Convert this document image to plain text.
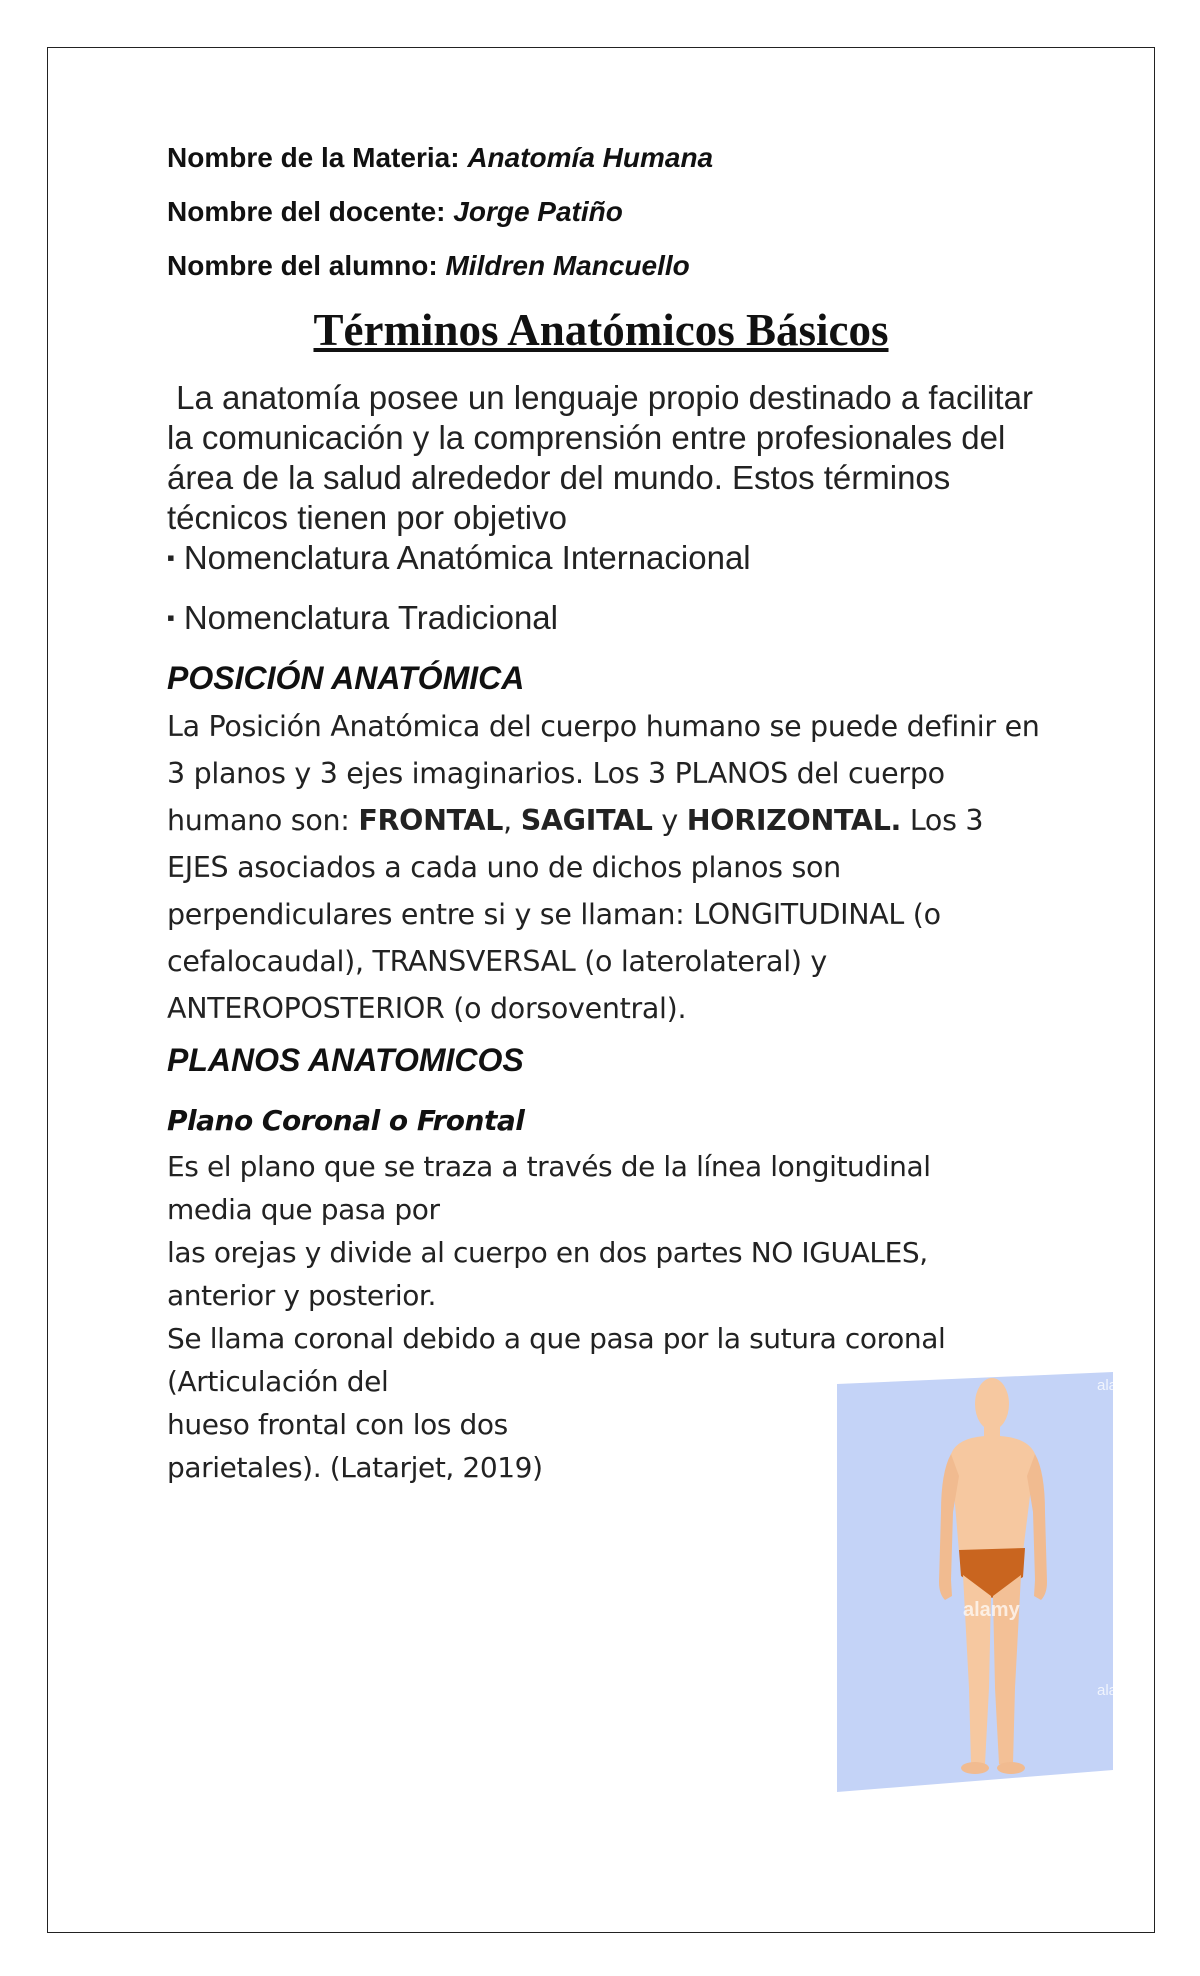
Nombre de la Materia: Anatomía Humana

Nombre del docente: Jorge Patiño

Nombre del alumno: Mildren Mancuello

Términos Anatómicos Básicos

La anatomía posee un lenguaje propio destinado a facilitar la comunicación y la comprensión entre profesionales del área de la salud alrededor del mundo. Estos términos técnicos tienen por objetivo

▪ Nomenclatura Anatómica Internacional

▪ Nomenclatura Tradicional

POSICIÓN ANATÓMICA

La Posición Anatómica del cuerpo humano se puede definir en 3 planos y 3 ejes imaginarios. Los 3 PLANOS del cuerpo humano son: FRONTAL, SAGITAL y HORIZONTAL. Los 3 EJES asociados a cada uno de dichos planos son perpendiculares entre si y se llaman: LONGITUDINAL (o cefalocaudal), TRANSVERSAL (o laterolateral) y ANTEROPOSTERIOR (o dorsoventral).

PLANOS ANATOMICOS

Plano Coronal o Frontal

Es el plano que se traza a través de la línea longitudinal
media que pasa por
las orejas y divide al cuerpo en dos partes NO IGUALES,
anterior y posterior.
Se llama coronal debido a que pasa por la sutura coronal
(Articulación del
hueso frontal con los dos
parietales). (Latarjet, 2019)

ala
ala
alamy
